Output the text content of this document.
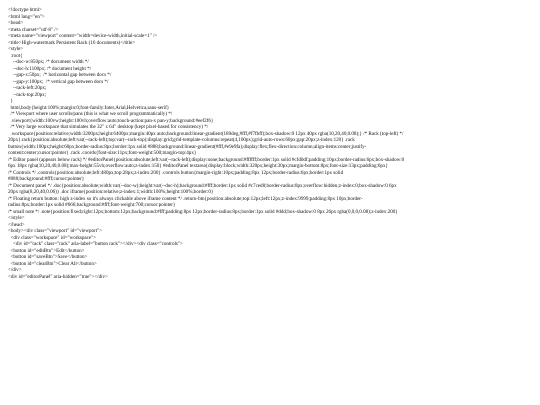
<!doctype html>
<html lang="en">
<head>
<meta charset="utf-8" />
<meta name="viewport" content="width=device-width,initial-scale=1" />
<title>High-watermark Persistent Rack (16 documents)</title>
<style>
:root{
--doc-w:850px; /* document width */
--doc-h:1100px; /* document height */
--gap-x:50px;  /* horizontal gap between docs */
--gap-y:100px;  /* vertical gap between docs */
--rack-left:20px;
--rack-top:20px;
}
html,body{height:100%;margin:0;font-family:Inter,Arial,Helvetica,sans-serif}
/* Viewport where user scrolls/pans (this is what we scroll programmatically) */
.viewport{width:100vw;height:100vh;overflow:auto;touch-action:pan-x pan-y;background:#eef2f6}
/* Very large workspace that simulates the 32" x 64" desktop (kept pixel-based for consistency) */
.workspace{position:relative;width:3200px;height:6400px;margin:40px auto;background:linear-gradient(180deg,#fff,#f7fbff);box-shadow:0 12px 40px rgba(10,20,40,0.08);} /* Rack (top-left) */
20px}.rack{position:absolute;left:var(--rack-left);top:var(--rack-top);display:grid;grid-template-columns:repeat(4,100px);grid-auto-rows:60px;gap:20px;z-index:120} .rack
button{width:100px;height:60px;border-radius:8px;border:1px solid #888;background:linear-gradient(#fff,#e9e9fa);display:flex;flex-direction:column;align-items:center;justify-
content:center;cursor:pointer} .rack .coords{font-size:11px;font-weight:500;margin-top:4px}
/* Editor panel (appears below rack) */ #editorPanel{position:absolute;left:var(--rack-left);display:none;background:#ffffff;border:1px solid #cfd0df;padding:10px;border-radius:6px;box-shadow:0
6px 18px rgba(10,20,40,0.08);max-height:55vh;overflow:auto;z-index:150} #editorPanel textarea{display:block;width:320px;height:30px;margin-bottom:8px;font-size:13px;padding:6px}
/* Controls */ .controls{position:absolute;left:480px;top:28px;z-index:200} .controls button{margin-right:10px;padding:8px 12px;border-radius:6px;border:1px solid
#888;background:#fff;cursor:pointer}
/* Document panel */ .doc{position:absolute;width:var(--doc-w);height:var(--doc-h);background:#fff;border:1px solid #c7ced8;border-radius:8px;overflow:hidden;z-index:0;box-shadow:0 6px
20px rgba(8,20,40,0.06)} .doc iframe{position:relative;z-index:1;width:100%;height:100%;border:0}
/* Floating return button: high z-index so it's always clickable above iframe content */ .return-btn{position:absolute;top:12px;left:12px;z-index:9999;padding:8px 10px;border-
radius:8px;border:1px solid #666;background:#fff;font-weight:700;cursor:pointer}
/* small note */ .note{position:fixed;right:12px;bottom:12px;background:#fff;padding:8px 12px;border-radius:8px;border:1px solid #ddd;box-shadow:0 8px 26px rgba(0,0,0,0.08);z-index:200}
</style>
</head>
<body><div class="viewport" id="viewport">
<div class="workspace" id="workspace">
<div id="rack" class="rack" aria-label="button rack"></div><div class="controls">
<button id="editBtn">Edit</button>
<button id="saveBtn">Save</button>
<button id="clearBtn">Clear All</button>
</div>
<div id="editorPanel" aria-hidden="true"></div>
